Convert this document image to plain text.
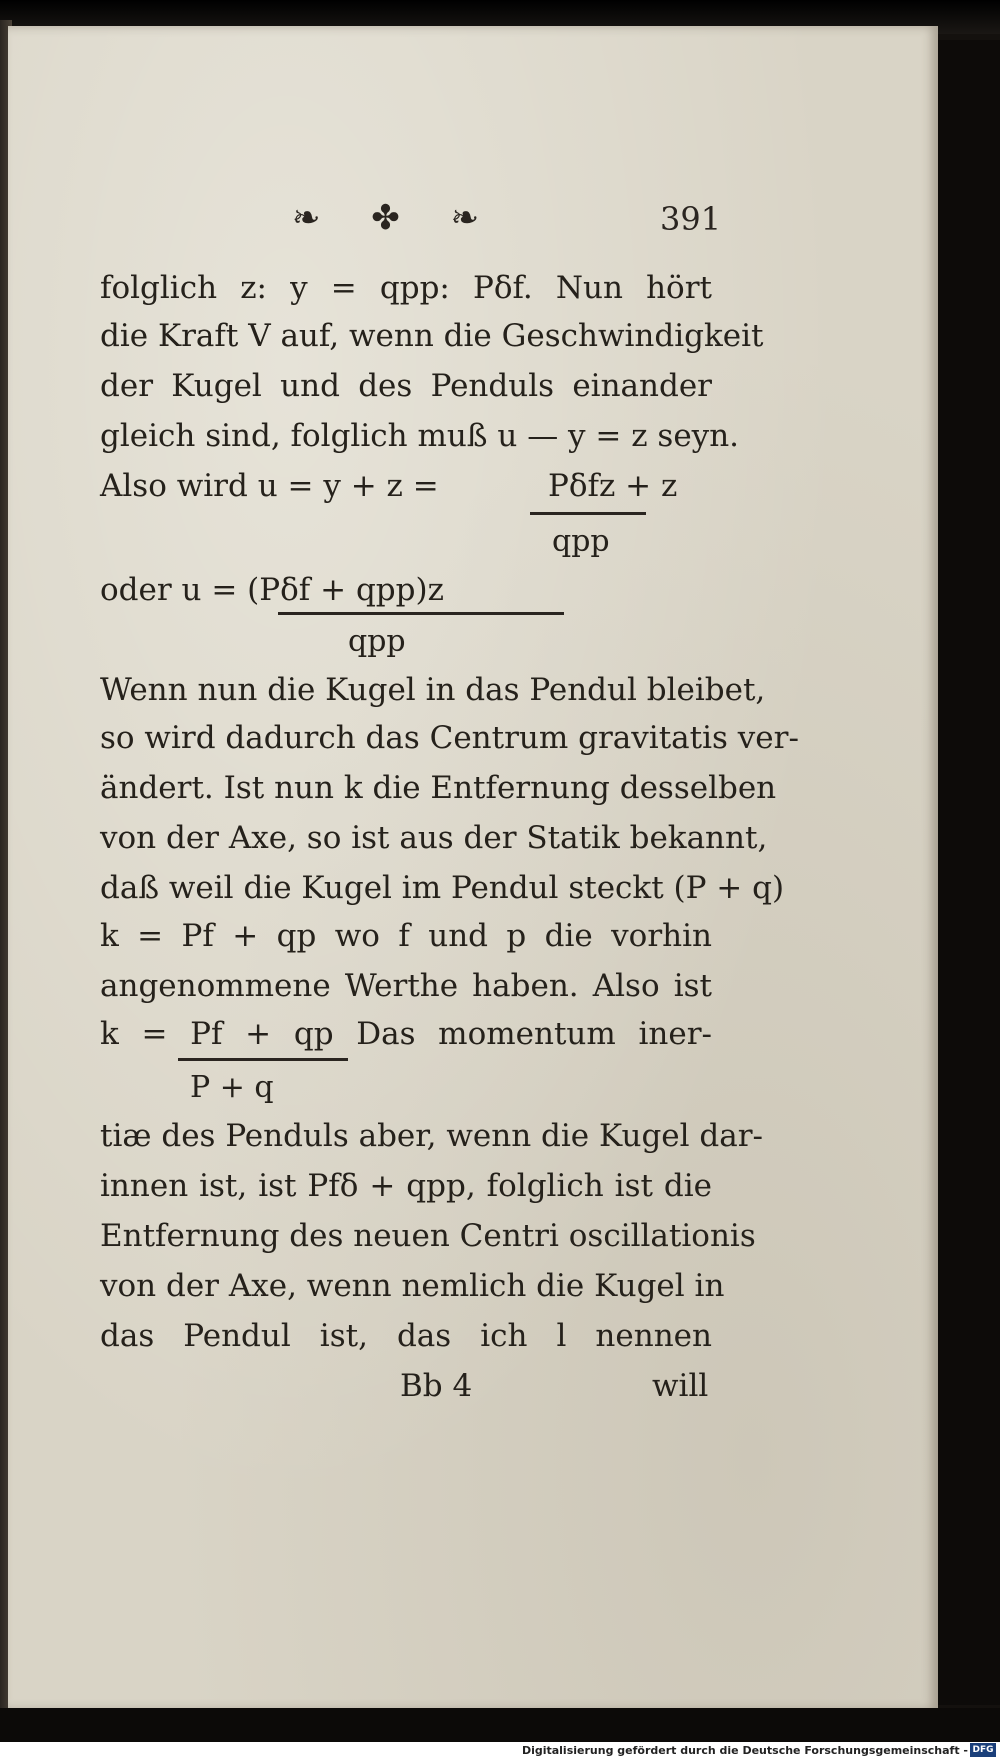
❧ ✤ ❧	391
folglich z: y = qpp: Pδf. Nun hört
die Kraft V auf, wenn die Geschwindigkeit
der Kugel und des Penduls einander
gleich sind, folglich muß u — y = z seyn.
Also wird u = y + z =	Pδfz + z
qpp
oder u = (Pδf + qpp)z
qpp
Wenn nun die Kugel in das Pendul bleibet,
so wird dadurch das Centrum gravitatis ver-
ändert. Ist nun k die Entfernung desselben
von der Axe, so ist aus der Statik bekannt,
daß weil die Kugel im Pendul steckt (P + q)
k = Pf + qp wo f und p die vorhin
angenommene Werthe haben. Also ist
k = Pf + qp Das momentum iner-
P + q
tiæ des Penduls aber, wenn die Kugel dar-
innen ist, ist Pfδ + qpp, folglich ist die
Entfernung des neuen Centri oscillationis
von der Axe, wenn nemlich die Kugel in
das Pendul ist, das ich l nennen
Bb 4	will
Digitalisierung gefördert durch die Deutsche Forschungsgemeinschaft - DFG
